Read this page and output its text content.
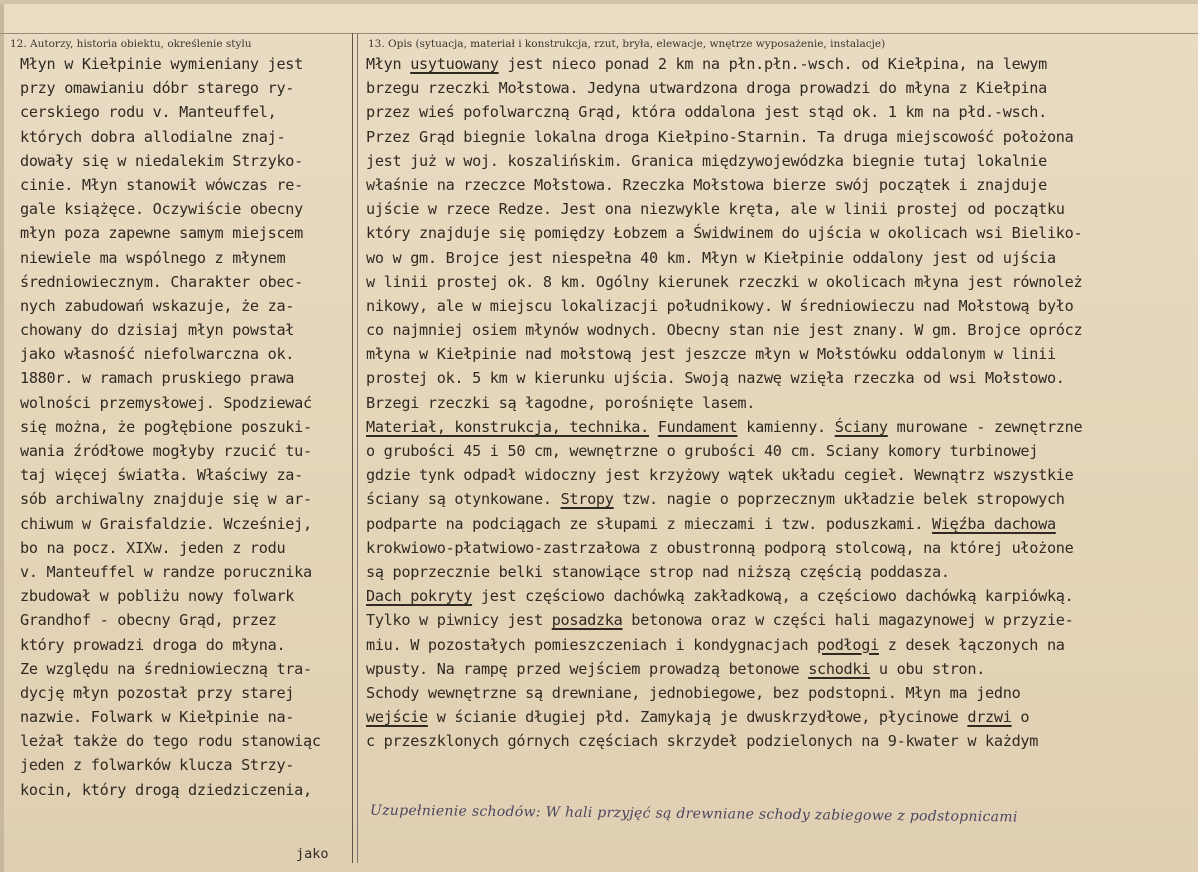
12. Autorzy, historia obiektu, określenie stylu	13. Opis (sytuacja, materiał i konstrukcja, rzut, bryła, elewacje, wnętrze wyposażenie, instalacje)
Młyn w Kiełpinie wymieniany jest
przy omawianiu dóbr starego ry-
cerskiego rodu v. Manteuffel,
których dobra allodialne znaj-
dowały się w niedalekim Strzyko-
cinie. Młyn stanowił wówczas re-
gale książęce. Oczywiście obecny
młyn poza zapewne samym miejscem
niewiele ma wspólnego z młynem
średniowiecznym. Charakter obec-
nych zabudowań wskazuje, że za-
chowany do dzisiaj młyn powstał
jako własność niefolwarczna ok.
1880r. w ramach pruskiego prawa
wolności przemysłowej. Spodziewać
się można, że pogłębione poszuki-
wania źródłowe mogłyby rzucić tu-
taj więcej światła. Właściwy za-
sób archiwalny znajduje się w ar-
chiwum w Graisfaldzie. Wcześniej,
bo na pocz. XIXw. jeden z rodu
v. Manteuffel w randze porucznika
zbudował w pobliżu nowy folwark
Grandhof - obecny Grąd, przez
który prowadzi droga do młyna.
Ze względu na średniowieczną tra-
dycję młyn pozostał przy starej
nazwie. Folwark w Kiełpinie na-
leżał także do tego rodu stanowiąc
jeden z folwarków klucza Strzy-
kocin, który drogą dziedziczenia,
Młyn usytuowany jest nieco ponad 2 km na płn.płn.-wsch. od Kiełpina, na lewym
brzegu rzeczki Mołstowa. Jedyna utwardzona droga prowadzi do młyna z Kiełpina
przez wieś pofolwarczną Grąd, która oddalona jest stąd ok. 1 km na płd.-wsch.
Przez Grąd biegnie lokalna droga Kiełpino-Starnin. Ta druga miejscowość położona
jest już w woj. koszalińskim. Granica międzywojewódzka biegnie tutaj lokalnie
właśnie na rzeczce Mołstowa. Rzeczka Mołstowa bierze swój początek i znajduje
ujście w rzece Redze. Jest ona niezwykle kręta, ale w linii prostej od początku
który znajduje się pomiędzy Łobzem a Świdwinem do ujścia w okolicach wsi Bieliko-
wo w gm. Brojce jest niespełna 40 km. Młyn w Kiełpinie oddalony jest od ujścia
w linii prostej ok. 8 km. Ogólny kierunek rzeczki w okolicach młyna jest równoleż
nikowy, ale w miejscu lokalizacji południkowy. W średniowieczu nad Mołstową było
co najmniej osiem młynów wodnych. Obecny stan nie jest znany. W gm. Brojce oprócz
młyna w Kiełpinie nad mołstową jest jeszcze młyn w Mołstówku oddalonym w linii
prostej ok. 5 km w kierunku ujścia. Swoją nazwę wzięła rzeczka od wsi Mołstowo.
Brzegi rzeczki są łagodne, porośnięte lasem.
Materiał, konstrukcja, technika. Fundament kamienny. Ściany murowane - zewnętrzne
o grubości 45 i 50 cm, wewnętrzne o grubości 40 cm. Sciany komory turbinowej
gdzie tynk odpadł widoczny jest krzyżowy wątek układu cegieł. Wewnątrz wszystkie
ściany są otynkowane. Stropy tzw. nagie o poprzecznym układzie belek stropowych
podparte na podciągach ze słupami z mieczami i tzw. poduszkami. Więźba dachowa
krokwiowo-płatwiowo-zastrzałowa z obustronną podporą stolcową, na której ułożone
są poprzecznie belki stanowiące strop nad niższą częścią poddasza.
Dach pokryty jest częściowo dachówką zakładkową, a częściowo dachówką karpiówką.
Tylko w piwnicy jest posadzka betonowa oraz w części hali magazynowej w przyzie-
miu. W pozostałych pomieszczeniach i kondygnacjach podłogi z desek łączonych na
wpusty. Na rampę przed wejściem prowadzą betonowe schodki u obu stron.
Schody wewnętrzne są drewniane, jednobiegowe, bez podstopni. Młyn ma jedno
wejście w ścianie długiej płd. Zamykają je dwuskrzydłowe, płycinowe drzwi o
c przeszklonych górnych częściach skrzydeł podzielonych na 9-kwater w każdym
Uzupełnienie schodów: W hali przyjęć są drewniane schody zabiegowe z podstopnicami
jako
